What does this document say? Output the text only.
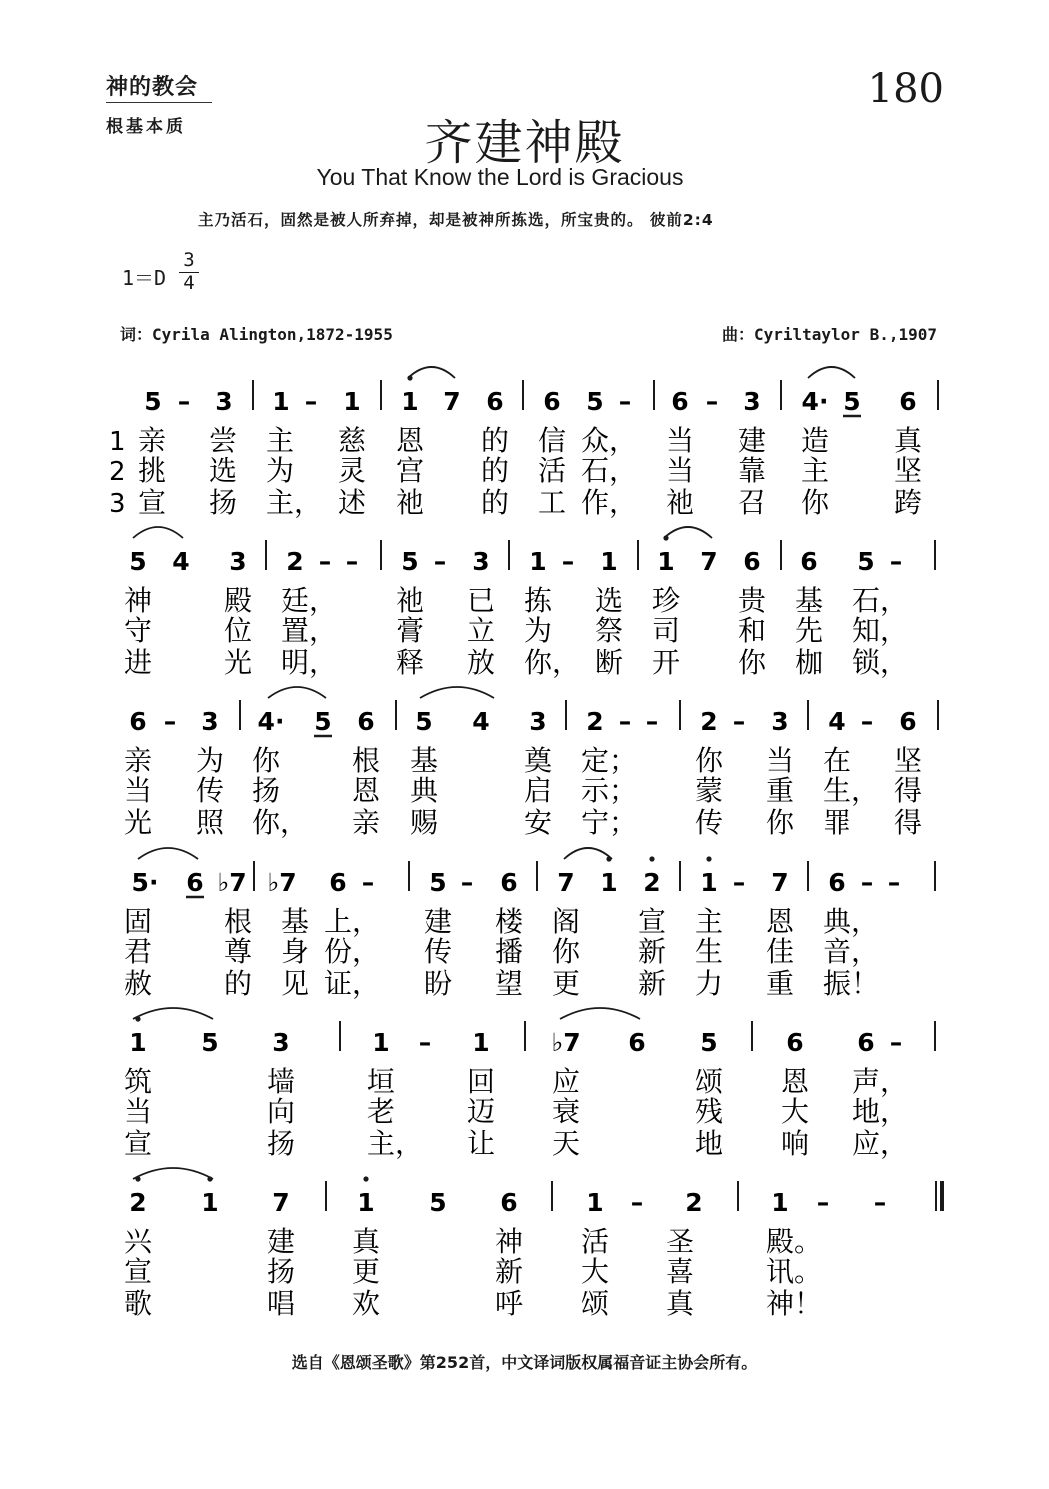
神的教会
根基本质
180
齐建神殿
You That Know the Lord is Gracious
主乃活石，固然是被人所弃掉，却是被神所拣选，所宝贵的。 彼前2:4
1＝D
3
4
词：Cyrila Alington,1872-1955	曲：Cyriltaylor B.,1907
5 – 3 1 – 1 1 7 6 6 5 – 6 – 3 4· 5 6
亲 尝 主 慈 恩 的 信 众， 当 建 造 真
挑 选 为 灵 宫 的 活 石， 当 靠 主 坚
宣 扬 主， 述 祂 的 工 作， 祂 召 你 跨
1
2
3
5 4 3 2 – – 5 – 3 1 – 1 1 7 6 6 5 –
神	殿 廷， 祂 已 拣 选 珍 贵 基 石，
守	位 置， 膏 立 为 祭 司 和 先 知，
进	光 明， 释 放 你， 断 开 你 枷 锁，
6 – 3 4· 5 6 5 4 3 2 – – 2 – 3 4 – 6
亲 为 你	根 基	奠 定； 你 当 在 坚
当 传 扬	恩 典	启 示； 蒙 重 生， 得
光 照 你， 亲 赐	安 宁； 传 你 罪 得
5· 6 ♭7 ♭7 6 – 5 – 6 7 1 2 1 – 7 6 – –
固	根 基 上， 建 楼 阁 宣 主 恩 典，
君	尊 身 份， 传 播 你 新 生 佳 音，
赦	的 见 证， 盼 望 更 新 力 重 振！
1 5 3	1 – 1 ♭7 6 5	6 6 –
筑	墙	垣	回 应	颂 恩 声，
当	向	老	迈 衰	残 大 地，
宣	扬	主， 让 天	地 响 应，
2 1 7	1 5 6	1 – 2	1 – –
兴	建 真	神 活 圣	殿。
宣	扬 更	新 大 喜	讯。
歌	唱 欢	呼 颂 真	神！
选自《恩颂圣歌》第252首，中文译词版权属福音证主协会所有。
